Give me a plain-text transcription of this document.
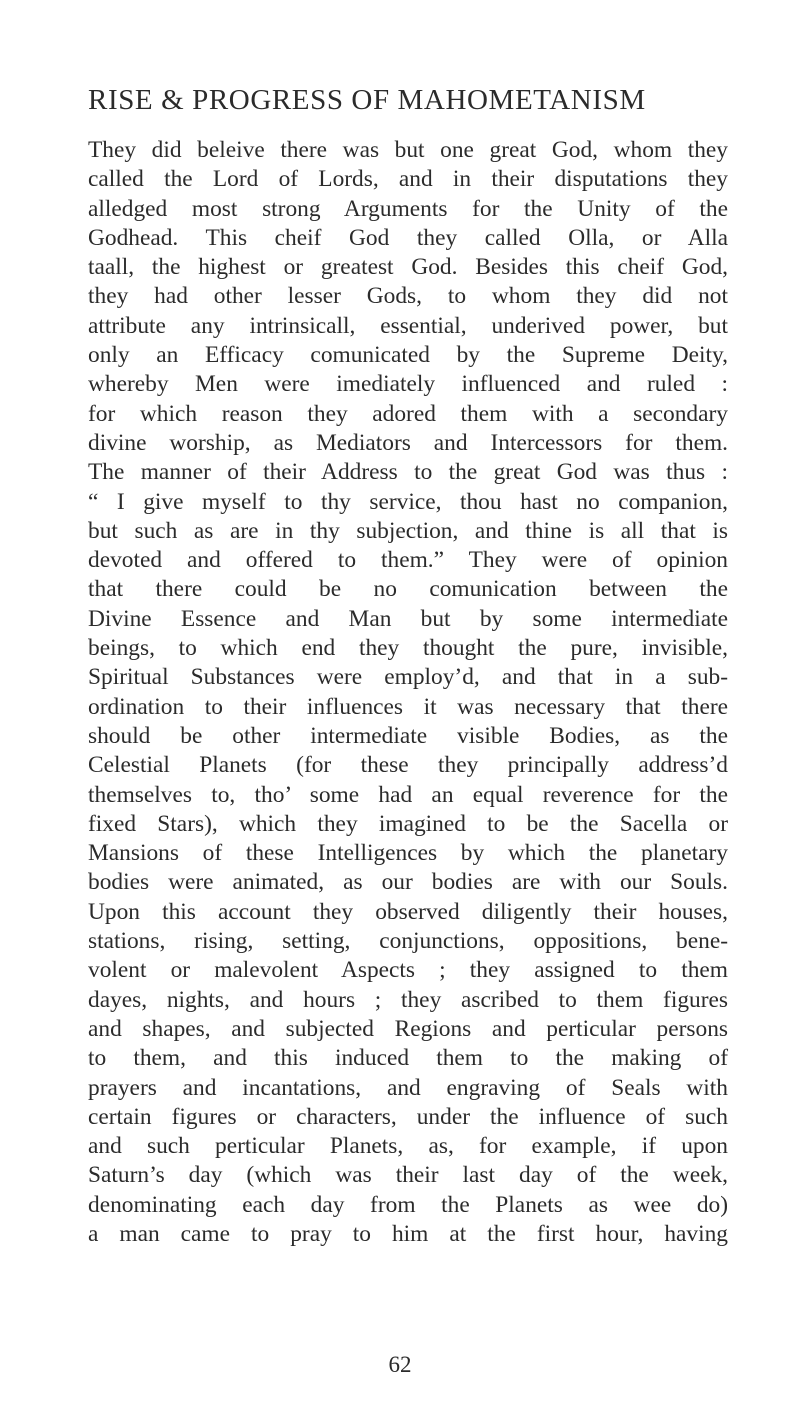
RISE & PROGRESS OF MAHOMETANISM
They did beleive there was but one great God, whom they
called the Lord of Lords, and in their disputations they
alledged most strong Arguments for the Unity of the
Godhead. This cheif God they called Olla, or Alla
taall, the highest or greatest God. Besides this cheif God,
they had other lesser Gods, to whom they did not
attribute any intrinsicall, essential, underived power, but
only an Efficacy comunicated by the Supreme Deity,
whereby Men were imediately influenced and ruled :
for which reason they adored them with a secondary
divine worship, as Mediators and Intercessors for them.
The manner of their Address to the great God was thus :
“ I give myself to thy service, thou hast no companion,
but such as are in thy subjection, and thine is all that is
devoted and offered to them.” They were of opinion
that there could be no comunication between the
Divine Essence and Man but by some intermediate
beings, to which end they thought the pure, invisible,
Spiritual Substances were employ’d, and that in a sub-
ordination to their influences it was necessary that there
should be other intermediate visible Bodies, as the
Celestial Planets (for these they principally address’d
themselves to, tho’ some had an equal reverence for the
fixed Stars), which they imagined to be the Sacella or
Mansions of these Intelligences by which the planetary
bodies were animated, as our bodies are with our Souls.
Upon this account they observed diligently their houses,
stations, rising, setting, conjunctions, oppositions, bene-
volent or malevolent Aspects ; they assigned to them
dayes, nights, and hours ; they ascribed to them figures
and shapes, and subjected Regions and perticular persons
to them, and this induced them to the making of
prayers and incantations, and engraving of Seals with
certain figures or characters, under the influence of such
and such perticular Planets, as, for example, if upon
Saturn’s day (which was their last day of the week,
denominating each day from the Planets as wee do)
a man came to pray to him at the first hour, having
62
